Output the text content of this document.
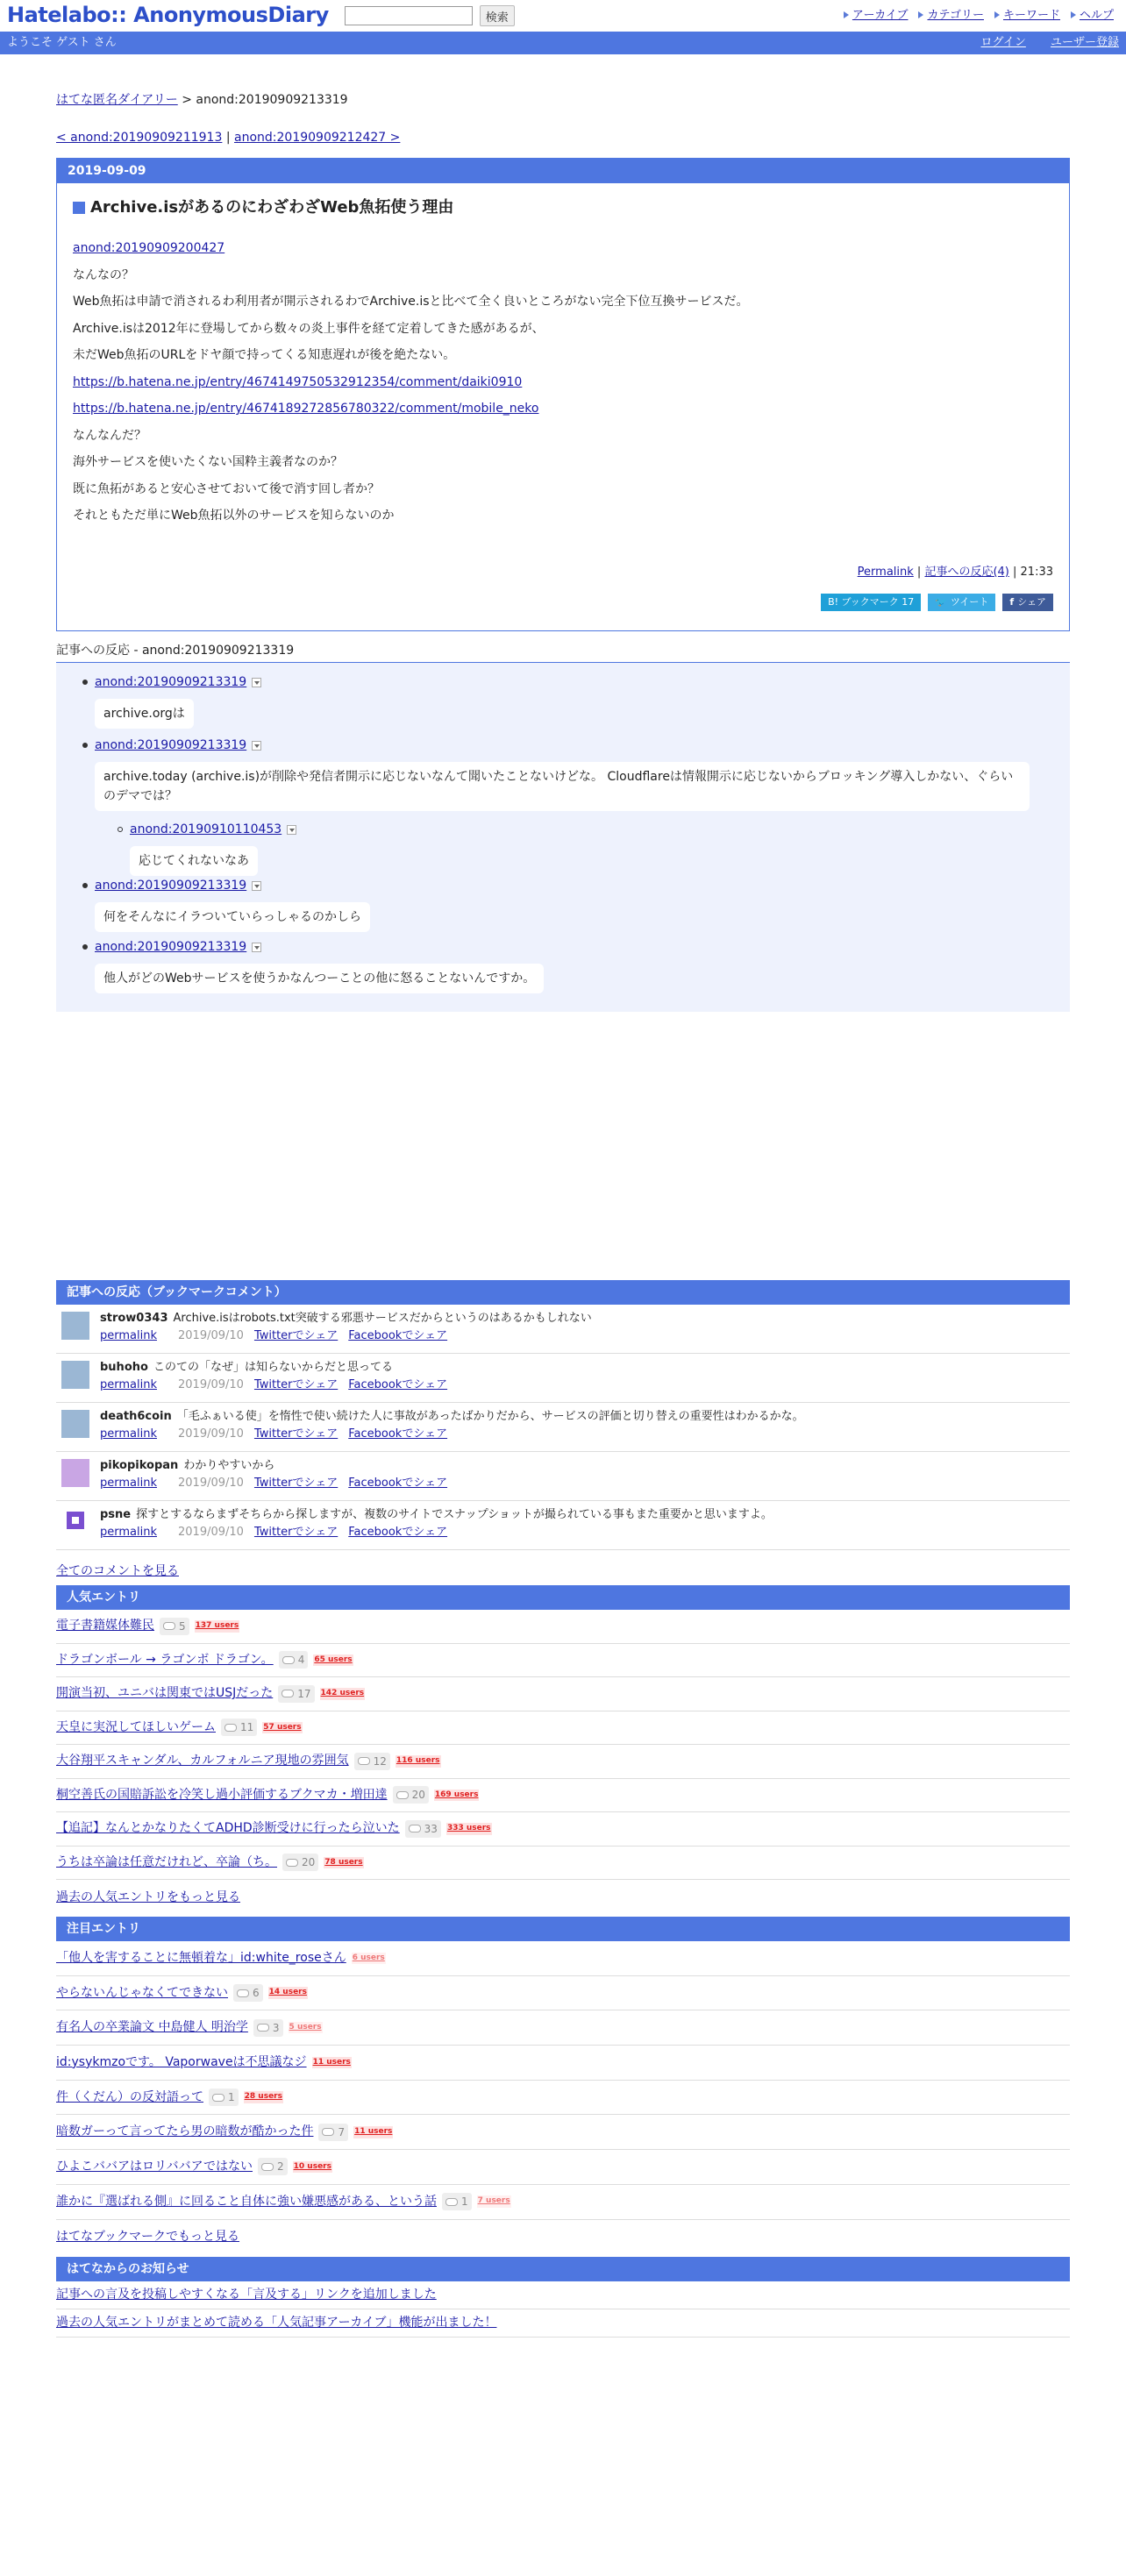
Hatelabo:: AnonymousDiary	検索	アーカイブ	カテゴリー	キーワード	ヘルプ
ようこそ ゲスト さん	ログイン ユーザー登録
はてな匿名ダイアリー > anond:20190909213319
< anond:20190909211913 | anond:20190909212427 >
2019-09-09
Archive.isがあるのにわざわざWeb魚拓使う理由

anond:20190909200427

なんなの？

Web魚拓は申請で消されるわ利用者が開示されるわでArchive.isと比べて全く良いところがない完全下位互換サービスだ。

Archive.isは2012年に登場してから数々の炎上事件を経て定着してきた感があるが、

未だWeb魚拓のURLをドヤ顔で持ってくる知恵遅れが後を絶たない。

https://b.hatena.ne.jp/entry/4674149750532912354/comment/daiki0910

https://b.hatena.ne.jp/entry/4674189272856780322/comment/mobile_neko

なんなんだ？

海外サービスを使いたくない国粋主義者なのか？

既に魚拓があると安心させておいて後で消す回し者か？

それともただ単にWeb魚拓以外のサービスを知らないのか

Permalink | 記事への反応(4) | 21:33
B! ブックマーク 17	🐦 ツイート	f シェア
記事への反応 - anond:20190909213319
anond:20190909213319
archive.orgは
anond:20190909213319
archive.today (archive.is)が削除や発信者開示に応じないなんて聞いたことないけどな。 Cloudflareは情報開示に応じないからブロッキング導入しかない、ぐらいのデマでは？
anond:20190910110453
応じてくれないなあ
anond:20190909213319
何をそんなにイラついていらっしゃるのかしら
anond:20190909213319
他人がどのWebサービスを使うかなんつーことの他に怒ることないんですか。
記事への反応（ブックマークコメント）
strow0343 Archive.isはrobots.txt突破する邪悪サービスだからというのはあるかもしれない
permalink 2019/09/10 Twitterでシェア Facebookでシェア
buhoho このての「なぜ」は知らないからだと思ってる
permalink 2019/09/10 Twitterでシェア Facebookでシェア
death6coin 「毛ふぁいる使」を惰性で使い続けた人に事故があったばかりだから、サービスの評価と切り替えの重要性はわかるかな。
permalink 2019/09/10 Twitterでシェア Facebookでシェア
pikopikopan わかりやすいから
permalink 2019/09/10 Twitterでシェア Facebookでシェア
psne 探すとするならまずそちらから探しますが、複数のサイトでスナップショットが撮られている事もまた重要かと思いますよ。
permalink 2019/09/10 Twitterでシェア Facebookでシェア
全てのコメントを見る
人気エントリ
電子書籍媒体難民 5 137 users
ドラゴンボール → ラゴンボ ドラゴン。 4 65 users
開演当初、ユニバは関東ではUSJだった 17 142 users
天皇に実況してほしいゲーム 11 57 users
大谷翔平スキャンダル、カルフォルニア現地の雰囲気 12 116 users
桐空善氏の国賠訴訟を冷笑し過小評価するブクマカ・増田達 20 169 users
【追記】なんとかなりたくてADHD診断受けに行ったら泣いた 33 333 users
うちは卒論は任意だけれど、卒論（ち。 20 78 users
過去の人気エントリをもっと見る
注目エントリ
「他人を害することに無頓着な」id:white_roseさん 6 users
やらないんじゃなくてできない 6 14 users
有名人の卒業論文 中島健人 明治学 3 5 users
id:ysykmzoです。 Vaporwaveは不思議なジ 11 users
件（くだん）の反対語って 1 28 users
暗数ガーって言ってたら男の暗数が酷かった件 7 11 users
ひよこババアはロリババアではない 2 10 users
誰かに『選ばれる側』に回ること自体に強い嫌悪感がある、という話 1 7 users
はてなブックマークでもっと見る
はてなからのお知らせ
記事への言及を投稿しやすくなる「言及する」リンクを追加しました
過去の人気エントリがまとめて読める「人気記事アーカイブ」機能が出ました！
